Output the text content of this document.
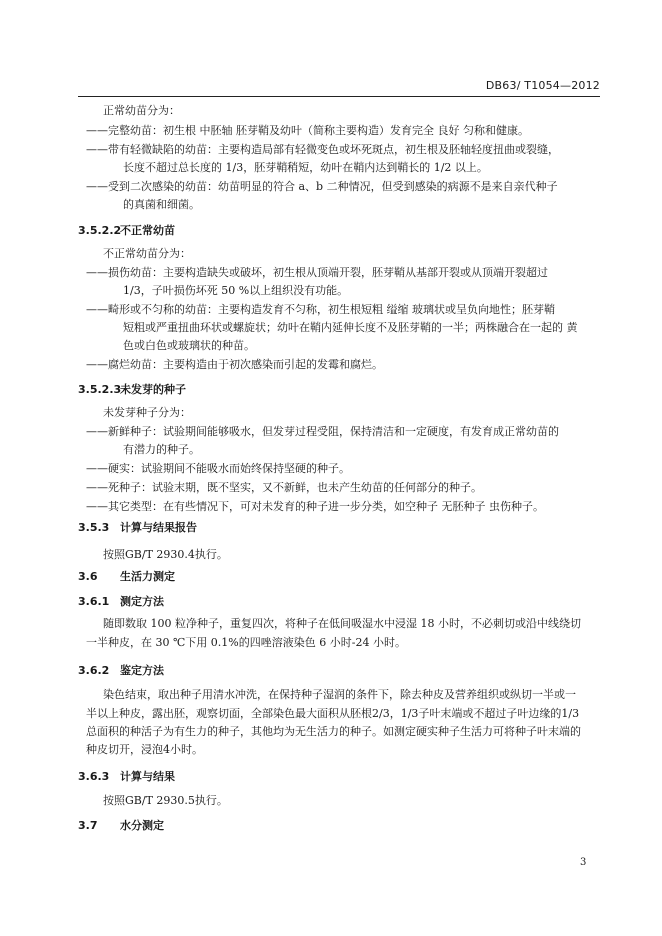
DB63/ T1054—2012
正常幼苗分为：
——完整幼苗：初生根 中胚轴 胚芽鞘及幼叶（简称主要构造）发育完全 良好 匀称和健康。
——带有轻微缺陷的幼苗：主要构造局部有轻微变色或坏死斑点，初生根及胚轴轻度扭曲或裂缝，
长度不超过总长度的 1/3，胚芽鞘稍短，幼叶在鞘内达到鞘长的 1/2 以上。
——受到二次感染的幼苗：幼苗明显的符合 a、b 二种情况，但受到感染的病源不是来自亲代种子
的真菌和细菌。
不正常幼苗分为：
——损伤幼苗：主要构造缺失或破坏，初生根从顶端开裂，胚芽鞘从基部开裂或从顶端开裂超过
1/3，子叶损伤坏死 50 %以上组织没有功能。
——畸形或不匀称的幼苗：主要构造发育不匀称，初生根短粗 缢缩 玻璃状或呈负向地性；胚芽鞘
短粗或严重扭曲环状或螺旋状；幼叶在鞘内延伸长度不及胚芽鞘的一半；两株融合在一起的 黄
色或白色或玻璃状的种苗。
——腐烂幼苗：主要构造由于初次感染而引起的发霉和腐烂。
未发芽种子分为：
——新鲜种子：试验期间能够吸水，但发芽过程受阻，保持清洁和一定硬度，有发育成正常幼苗的
有潜力的种子。
——硬实：试验期间不能吸水而始终保持坚硬的种子。
——死种子：试验末期，既不坚实，又不新鲜，也未产生幼苗的任何部分的种子。
——其它类型：在有些情况下，可对未发育的种子进一步分类，如空种子 无胚种子 虫伤种子。
按照GB/T 2930.4执行。
随即数取 100 粒净种子，重复四次，将种子在低间吸湿水中浸湿 18 小时，不必刺切或沿中线绕切
一半种皮，在 30 ℃下用 0.1%的四唑溶液染色 6 小时-24 小时。
染色结束，取出种子用清水冲洗，在保持种子湿润的条件下，除去种皮及营养组织或纵切一半或一
半以上种皮，露出胚，观察切面，全部染色最大面积从胚根2/3，1/3子叶末端或不超过子叶边缘的1/3
总面积的种活子为有生力的种子，其他均为无生活力的种子。如测定硬实种子生活力可将种子叶末端的
种皮切开，浸泡4小时。
按照GB/T 2930.5执行。
3.5.2.2不正常幼苗
3.5.2.3未发芽的种子
3.5.3 计算与结果报告
3.6 生活力测定
3.6.1 测定方法
3.6.2 鉴定方法
3.6.3 计算与结果
3.7 水分测定
3
